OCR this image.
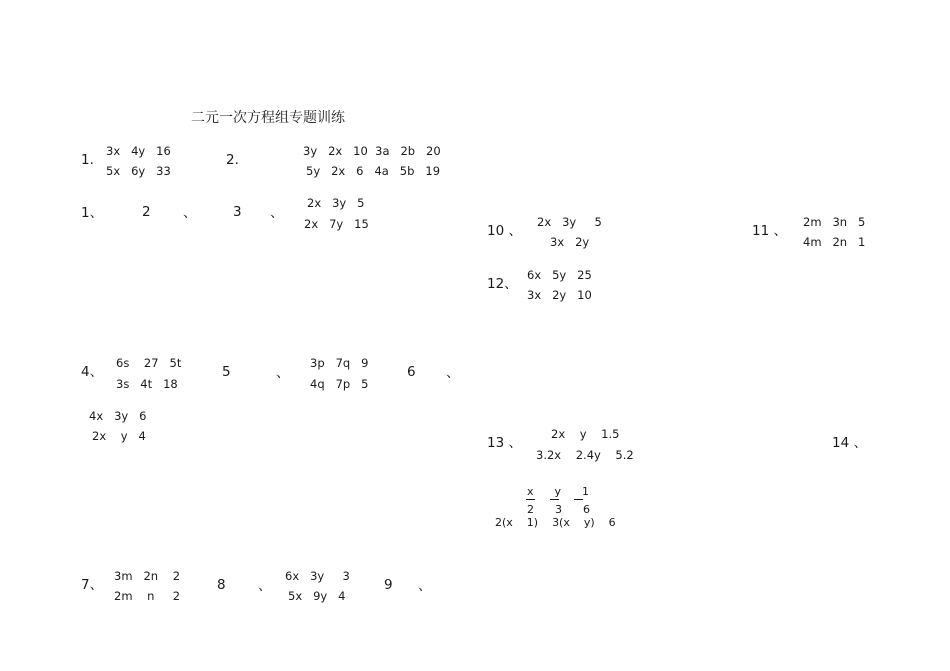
二元一次方程组专题训练
1.
3x   4y   16
5x   6y   33
2.
3y   2x   10  3a   2b   20
5y   2x   6   4a   5b   19
1、	2 、	3 、
2x   3y   5
2x   7y   15	10 、
2x   3y     5
3x   2y
11 、
2m   3n   5
4m   2n   1
12、
6x   5y   25
3x   2y   10
4、
6s    27   5t
3s   4t   18
5	、
3p   7q   9
4q   7p   5
6 、
4x   3y   6
2x    y   4	13 、
2x    y    1.5
3.2x    2.4y    5.2
14 、
x      y      1
2      3      6
2(x    1)    3(x    y)    6
7、
3m   2n    2
2m    n     2
8 、
6x   3y     3
5x   9y   4
9 、
